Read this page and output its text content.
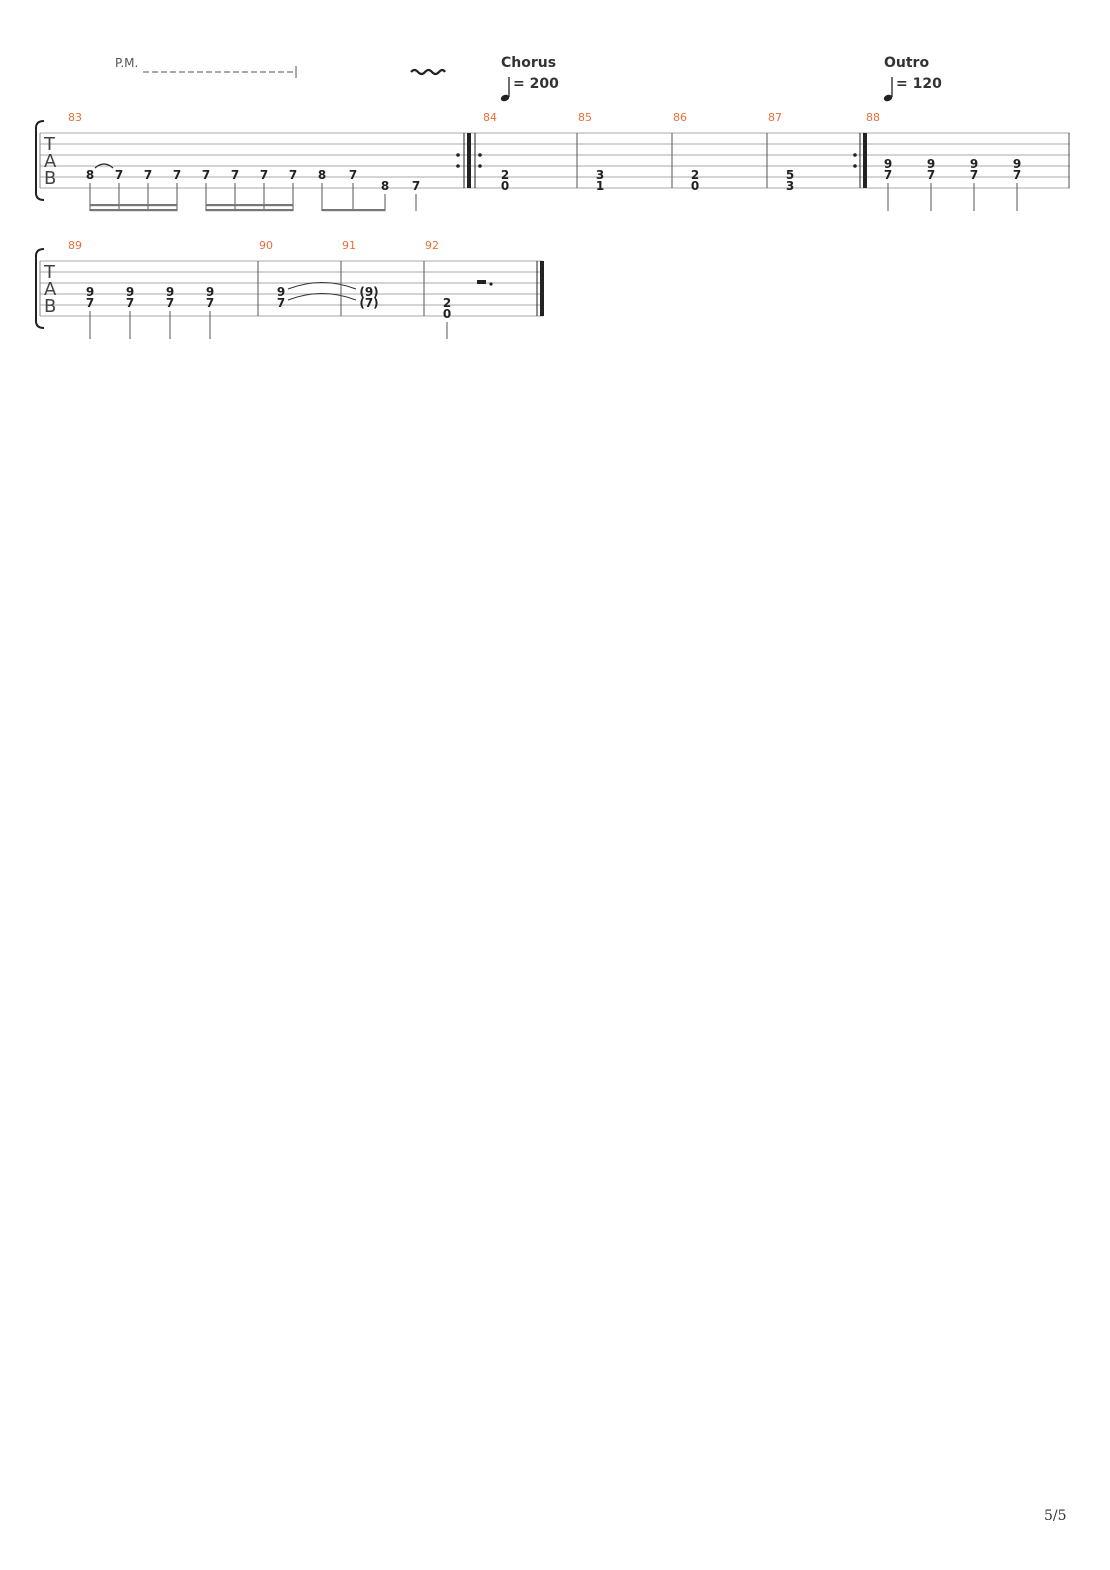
P.M.	Chorus
= 200
Outro
= 120
T
A
B
83
8 7 7 7 7 7 7 7 8 7
8 7
84
2
0
85
3
1
86
2
0
87
5
3
88
9
7
9
7
9
7
9
7
T
A
B
89
9
7
9
7
9
7
9
7
90
9
7
91
(9)
(7)
92
2
0
5/5
